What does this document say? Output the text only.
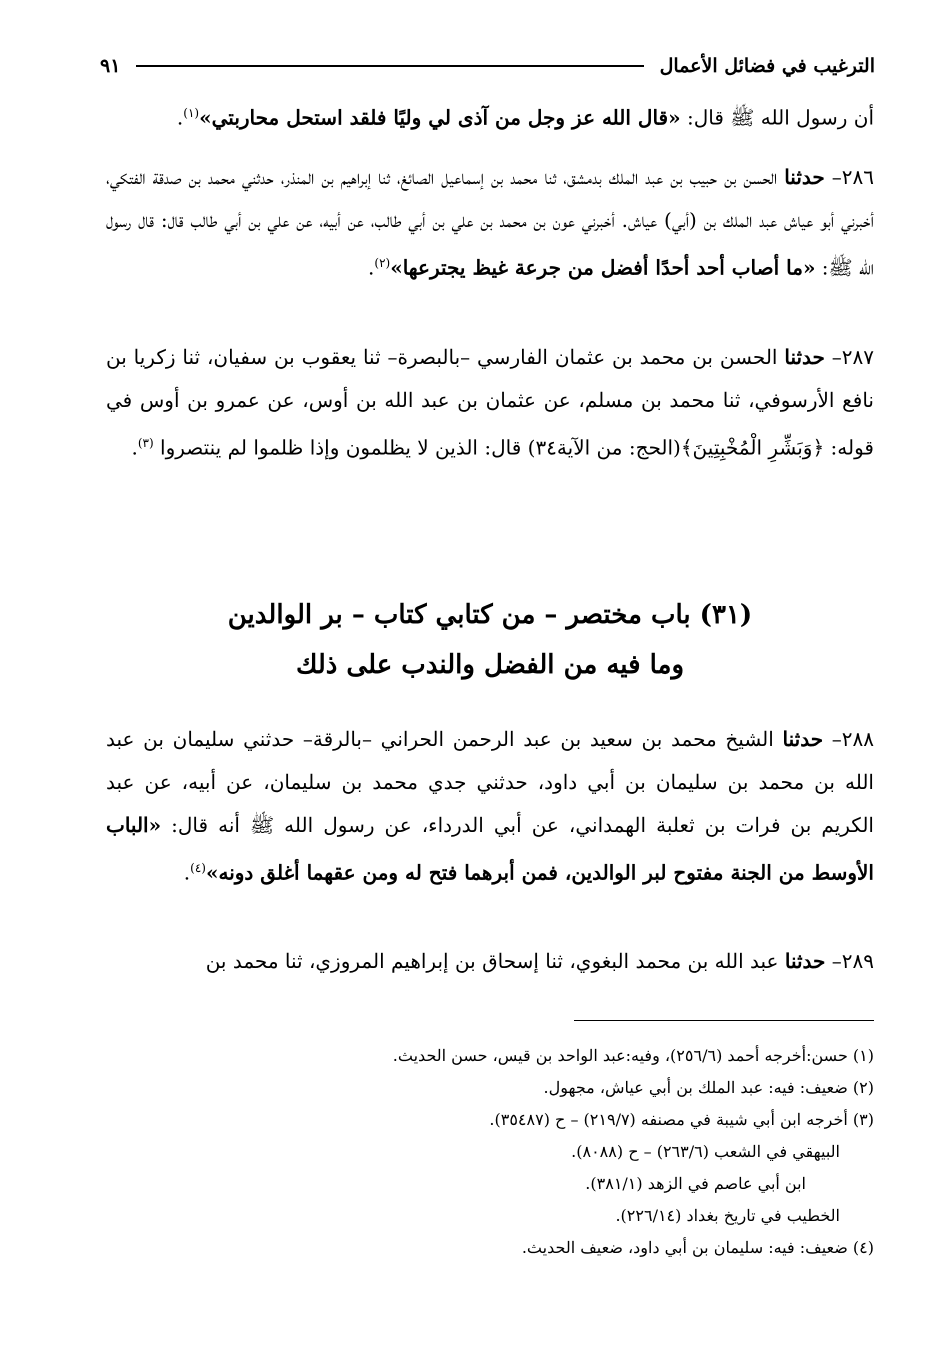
الترغيب في فضائل الأعمال
٩١

أن رسول الله ﷺ قال: «قال الله عز وجل من آذى لي وليًا فلقد استحل محاربتي»$^{(١)}$.

٢٨٦– حدثنا الحسن بن حبيب بن عبد الملك بدمشق، ثنا محمد بن إسماعيل الصائغ، ثنا إبراهيم بن المنذر، حدثني محمد بن صدقة الفتكي، أخبرني أبو عياش عبد الملك بن (أبي) عياش. أخبرني عون بن محمد بن علي بن أبي طالب، عن أبيه، عن علي بن أبي طالب قال: قال رسول الله ﷺ: «ما أصاب أحد أحدًا أفضل من جرعة غيظ يجترعها»$^{(٢)}$.

٢٨٧– حدثنا الحسن بن محمد بن عثمان الفارسي –بالبصرة– ثنا يعقوب بن سفيان، ثنا زكريا بن نافع الأرسوفي، ثنا محمد بن مسلم، عن عثمان بن عبد الله بن أوس، عن عمرو بن أوس في قوله: ﴿وَبَشِّرِ الْمُخْبِتِينَ﴾(الحج: من الآية٣٤) قال: الذين لا يظلمون وإذا ظلموا لم ينتصروا $^{(٣)}$.

(٣١) باب مختصر – من كتابي كتاب – بر الوالدين
وما فيه من الفضل والندب على ذلك

٢٨٨– حدثنا الشيخ محمد بن سعيد بن عبد الرحمن الحراني –بالرقة– حدثني سليمان بن عبد الله بن محمد بن سليمان بن أبي داود، حدثني جدي محمد بن سليمان، عن أبيه، عن عبد الكريم بن فرات بن ثعلبة الهمداني، عن أبي الدرداء، عن رسول الله ﷺ أنه قال: «الباب الأوسط من الجنة مفتوح لبر الوالدين، فمن أبرهما فتح له ومن عقهما أغلق دونه»$^{(٤)}$.

٢٨٩– حدثنا عبد الله بن محمد البغوي، ثنا إسحاق بن إبراهيم المروزي، ثنا محمد بن

(١) حسن:أخرجه أحمد (٢٥٦/٦)، وفيه:عبد الواحد بن قيس، حسن الحديث.
(٢) ضعيف: فيه: عبد الملك بن أبي عياش، مجهول.
(٣) أخرجه ابن أبي شيبة في مصنفه (٢١٩/٧) – ح (٣٥٤٨٧).
البيهقي في الشعب (٢٦٣/٦) – ح (٨٠٨٨).
ابن أبي عاصم في الزهد (٣٨١/١).
الخطيب في تاريخ بغداد (٢٢٦/١٤).
(٤) ضعيف: فيه: سليمان بن أبي داود، ضعيف الحديث.
